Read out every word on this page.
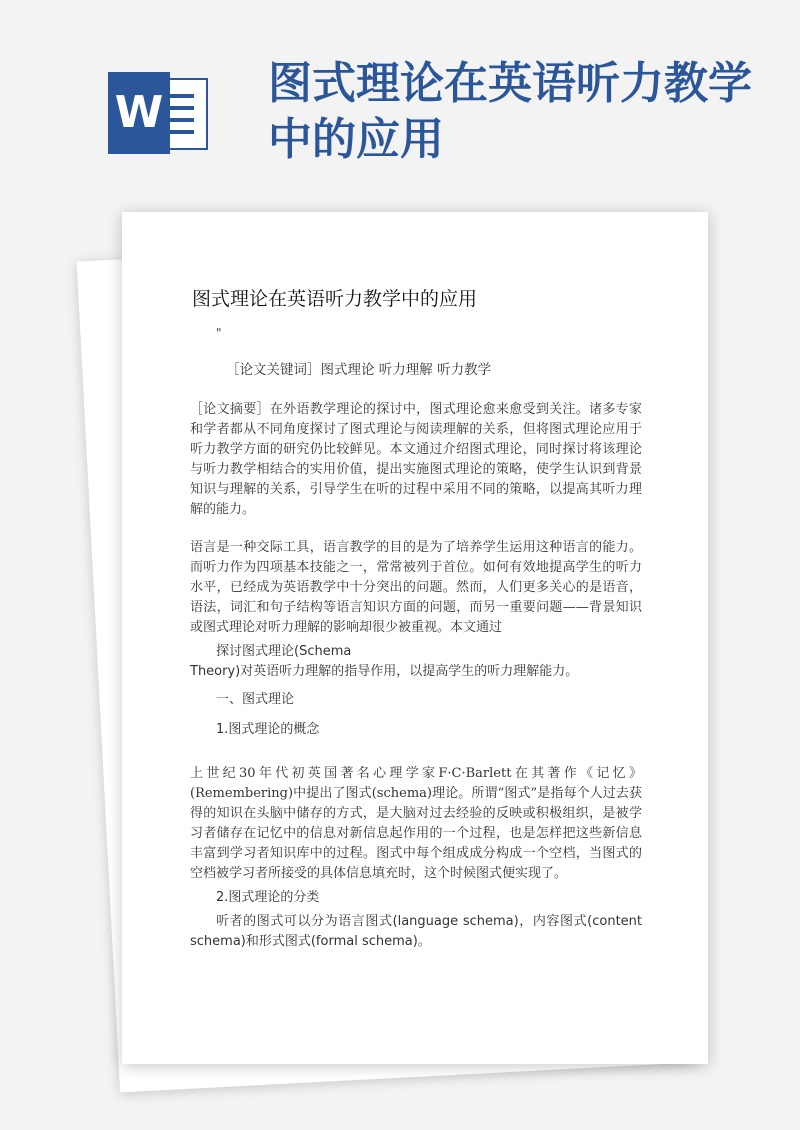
W
图式理论在英语听力教学中的应用
图式理论在英语听力教学中的应用
"
［论文关键词］图式理论 听力理解 听力教学

［论文摘要］在外语教学理论的探讨中，图式理论愈来愈受到关注。诸多专家和学者都从不同角度探讨了图式理论与阅读理解的关系，但将图式理论应用于听力教学方面的研究仍比较鲜见。本文通过介绍图式理论，同时探讨将该理论与听力教学相结合的实用价值，提出实施图式理论的策略，使学生认识到背景知识与理解的关系，引导学生在听的过程中采用不同的策略，以提高其听力理解的能力。

语言是一种交际工具，语言教学的目的是为了培养学生运用这种语言的能力。而听力作为四项基本技能之一，常常被列于首位。如何有效地提高学生的听力水平，已经成为英语教学中十分突出的问题。然而，人们更多关心的是语音，语法，词汇和句子结构等语言知识方面的问题，而另一重要问题——背景知识或图式理论对听力理解的影响却很少被重视。本文通过

探讨图式理论(Schema

Theory)对英语听力理解的指导作用，以提高学生的听力理解能力。

一、图式理论

1.图式理论的概念

上世纪30年代初英国著名心理学家F·C·Barlett在其著作《记忆》(Remembering)中提出了图式(schema)理论。所谓“图式”是指每个人过去获得的知识在头脑中储存的方式，是大脑对过去经验的反映或积极组织，是被学习者储存在记忆中的信息对新信息起作用的一个过程，也是怎样把这些新信息丰富到学习者知识库中的过程。图式中每个组成成分构成一个空档，当图式的空档被学习者所接受的具体信息填充时，这个时候图式便实现了。

2.图式理论的分类

听者的图式可以分为语言图式(language schema)，内容图式(content schema)和形式图式(formal schema)。
